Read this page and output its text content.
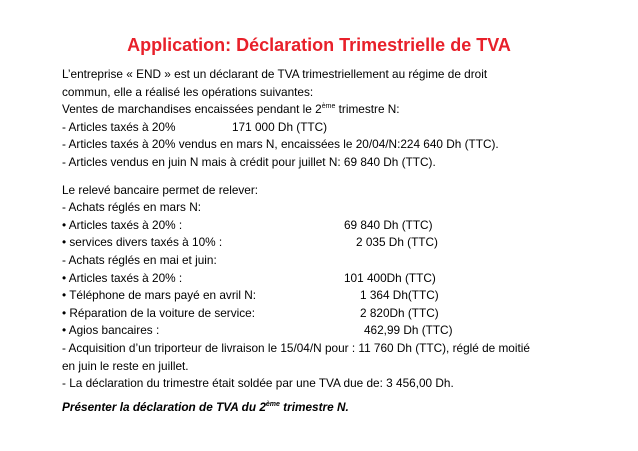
Application: Déclaration Trimestrielle de TVA
L’entreprise « END » est un déclarant de TVA trimestriellement au régime de droit
commun, elle a réalisé les opérations suivantes:
Ventes de marchandises encaissées pendant le 2ème trimestre N:
- Articles taxés à 20%	171 000 Dh (TTC)
- Articles taxés à 20% vendus en mars N, encaissées le 20/04/N:224 640 Dh (TTC).
- Articles vendus en juin N mais à crédit pour juillet N: 69 840 Dh (TTC).
Le relevé bancaire permet de relever:
- Achats réglés en mars N:
• Articles taxés à 20% :	69 840 Dh (TTC)
• services divers taxés à 10% :	2 035 Dh (TTC)
- Achats réglés en mai et juin:
• Articles taxés à 20% :	101 400Dh (TTC)
• Téléphone de mars payé en avril N:	1 364 Dh(TTC)
• Réparation de la voiture de service:	2 820Dh (TTC)
• Agios bancaires :	462,99 Dh (TTC)
- Acquisition d’un triporteur de livraison le 15/04/N pour : 11 760 Dh (TTC), réglé de moitié
en juin le reste en juillet.
- La déclaration du trimestre était soldée par une TVA due de: 3 456,00 Dh.
Présenter la déclaration de TVA du 2ème trimestre N.
